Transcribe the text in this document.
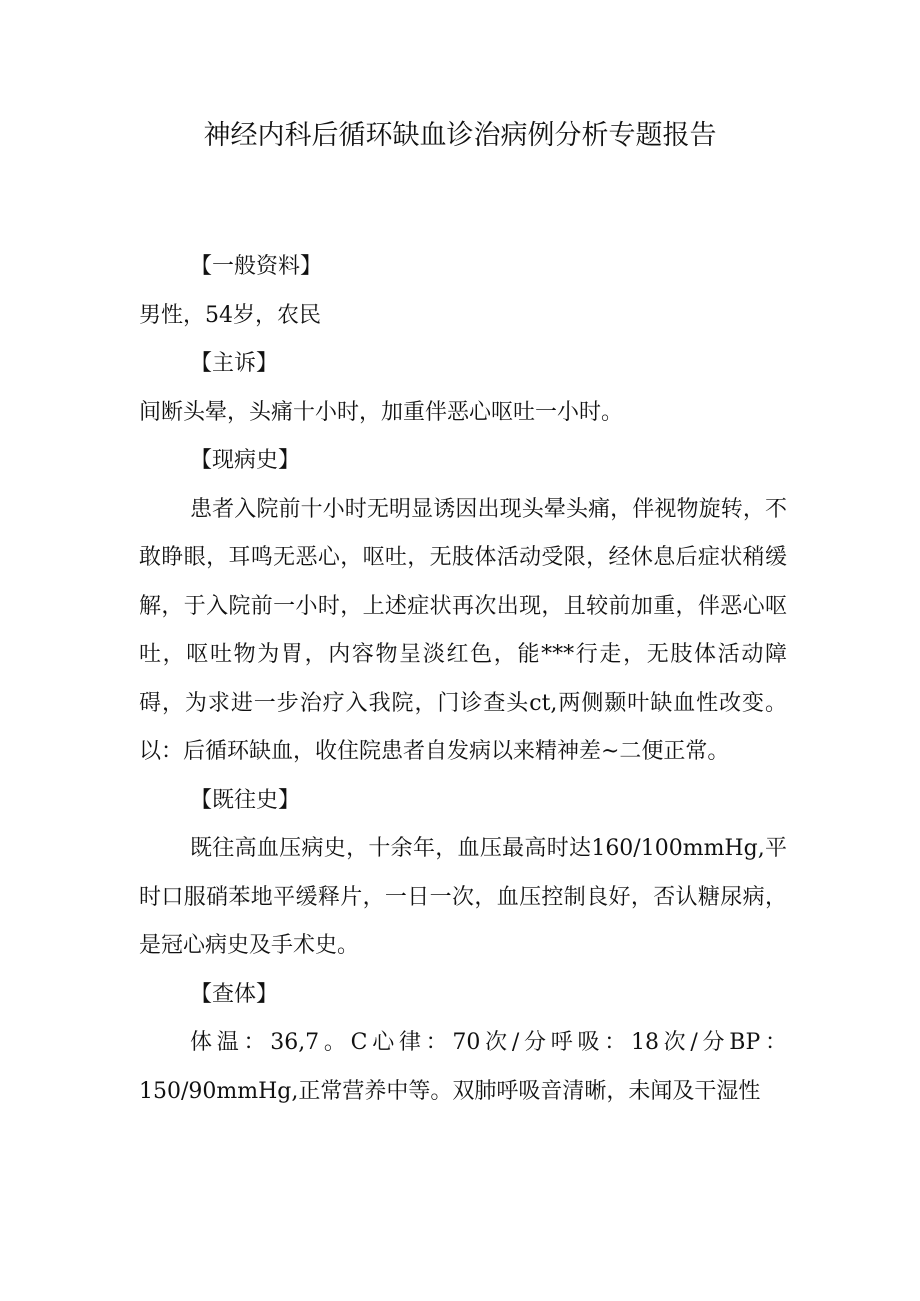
神经内科后循环缺血诊治病例分析专题报告

【一般资料】

男性，54岁，农民

【主诉】

间断头晕，头痛十小时，加重伴恶心呕吐一小时。

【现病史】

患者入院前十小时无明显诱因出现头晕头痛，伴视物旋转，不敢睁眼，耳鸣无恶心，呕吐，无肢体活动受限，经休息后症状稍缓解，于入院前一小时，上述症状再次出现，且较前加重，伴恶心呕吐，呕吐物为胃，内容物呈淡红色，能***行走，无肢体活动障碍，为求进一步治疗入我院，门诊查头ct,两侧颞叶缺血性改变。以：后循环缺血，收住院患者自发病以来精神差~二便正常。

【既往史】

既往高血压病史，十余年，血压最高时达160/100mmHg,平时口服硝苯地平缓释片，一日一次，血压控制良好，否认糖尿病，是冠心病史及手术史。

【查体】

体温：36,7。C心律：70次/分呼吸：18次/分BP：150/90mmHg,正常营养中等。双肺呼吸音清晰，未闻及干湿性
